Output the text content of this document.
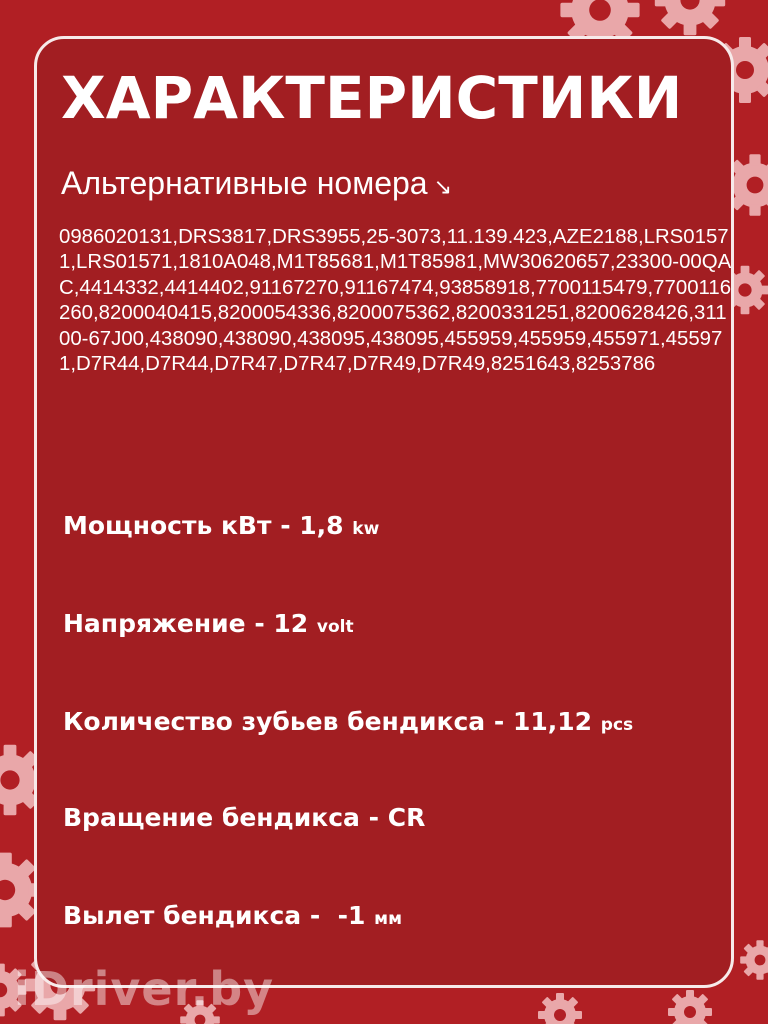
ХАРАКТЕРИСТИКИ
Альтернативные номера ↘
0986020131,DRS3817,DRS3955,25-3073,11.139.423,AZE2188,LRS01571,LRS01571,1810A048,M1T85681,M1T85981,MW30620657,23300-00QAC,4414332,4414402,91167270,91167474,93858918,7700115479,7700116260,8200040415,8200054336,8200075362,8200331251,8200628426,31100-67J00,438090,438090,438095,438095,455959,455959,455971,455971,D7R44,D7R44,D7R47,D7R47,D7R49,D7R49,8251643,8253786
Мощность кВт - 1,8 kw
Напряжение - 12 volt
Количество зубьев бендикса - 11,12 pcs
Вращение бендикса - CR
Вылет бендикса -  -1 мм
iDriver.by
